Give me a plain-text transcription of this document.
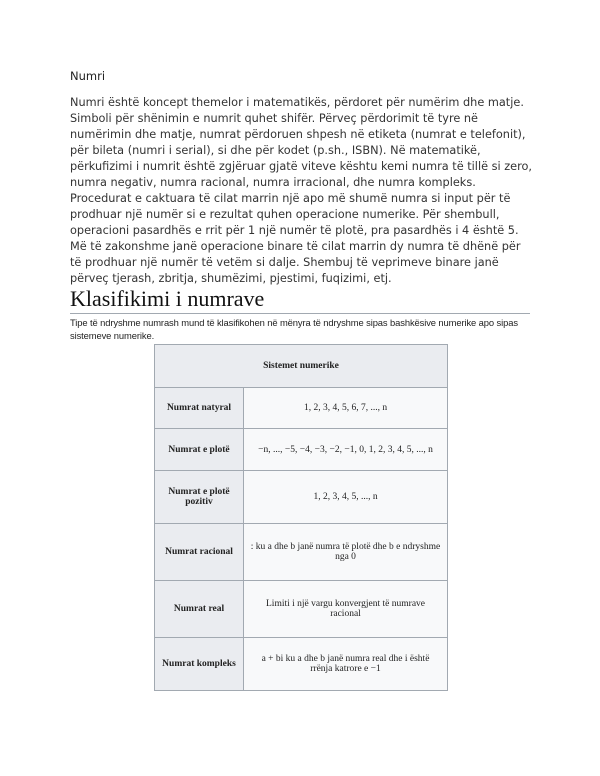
Numri

Numri është koncept themelor i matematikës, përdoret për numërim dhe matje. Simboli për shënimin e numrit quhet shifër. Përveç përdorimit të tyre në numërimin dhe matje, numrat përdoruen shpesh në etiketa (numrat e telefonit), për bileta (numri i serial), si dhe për kodet (p.sh., ISBN). Në matematikë, përkufizimi i numrit është zgjëruar gjatë viteve kështu kemi numra të tillë si zero, numra negativ, numra racional, numra irracional, dhe numra kompleks.

Procedurat e caktuara të cilat marrin një apo më shumë numra si input për të prodhuar një numër si e rezultat quhen operacione numerike. Për shembull, operacioni pasardhës e rrit për 1 një numër të plotë, pra pasardhës i 4 është 5. Më të zakonshme janë operacione binare të cilat marrin dy numra të dhënë për të prodhuar një numër të vetëm si dalje. Shembuj të veprimeve binare janë përveç tjerash, zbritja, shumëzimi, pjestimi, fuqizimi, etj.

Klasifikimi i numrave

Tipe të ndryshme numrash mund të klasifikohen në mënyra të ndryshme sipas bashkësive numerike apo sipas sistemeve numerike.

Sistemet numerike	
Numrat natyral	1, 2, 3, 4, 5, 6, 7, ..., n
Numrat e plotë	−n, ..., −5, −4, −3, −2, −1, 0, 1, 2, 3, 4, 5, ..., n
Numrat e plotë pozitiv	1, 2, 3, 4, 5, ..., n
Numrat racional	: ku a dhe b janë numra të plotë dhe b e ndryshme nga 0
Numrat real	Limiti i një vargu konvergjent të numrave racional
Numrat kompleks	a + bi ku a dhe b janë numra real dhe i është rrënja katrore e −1
